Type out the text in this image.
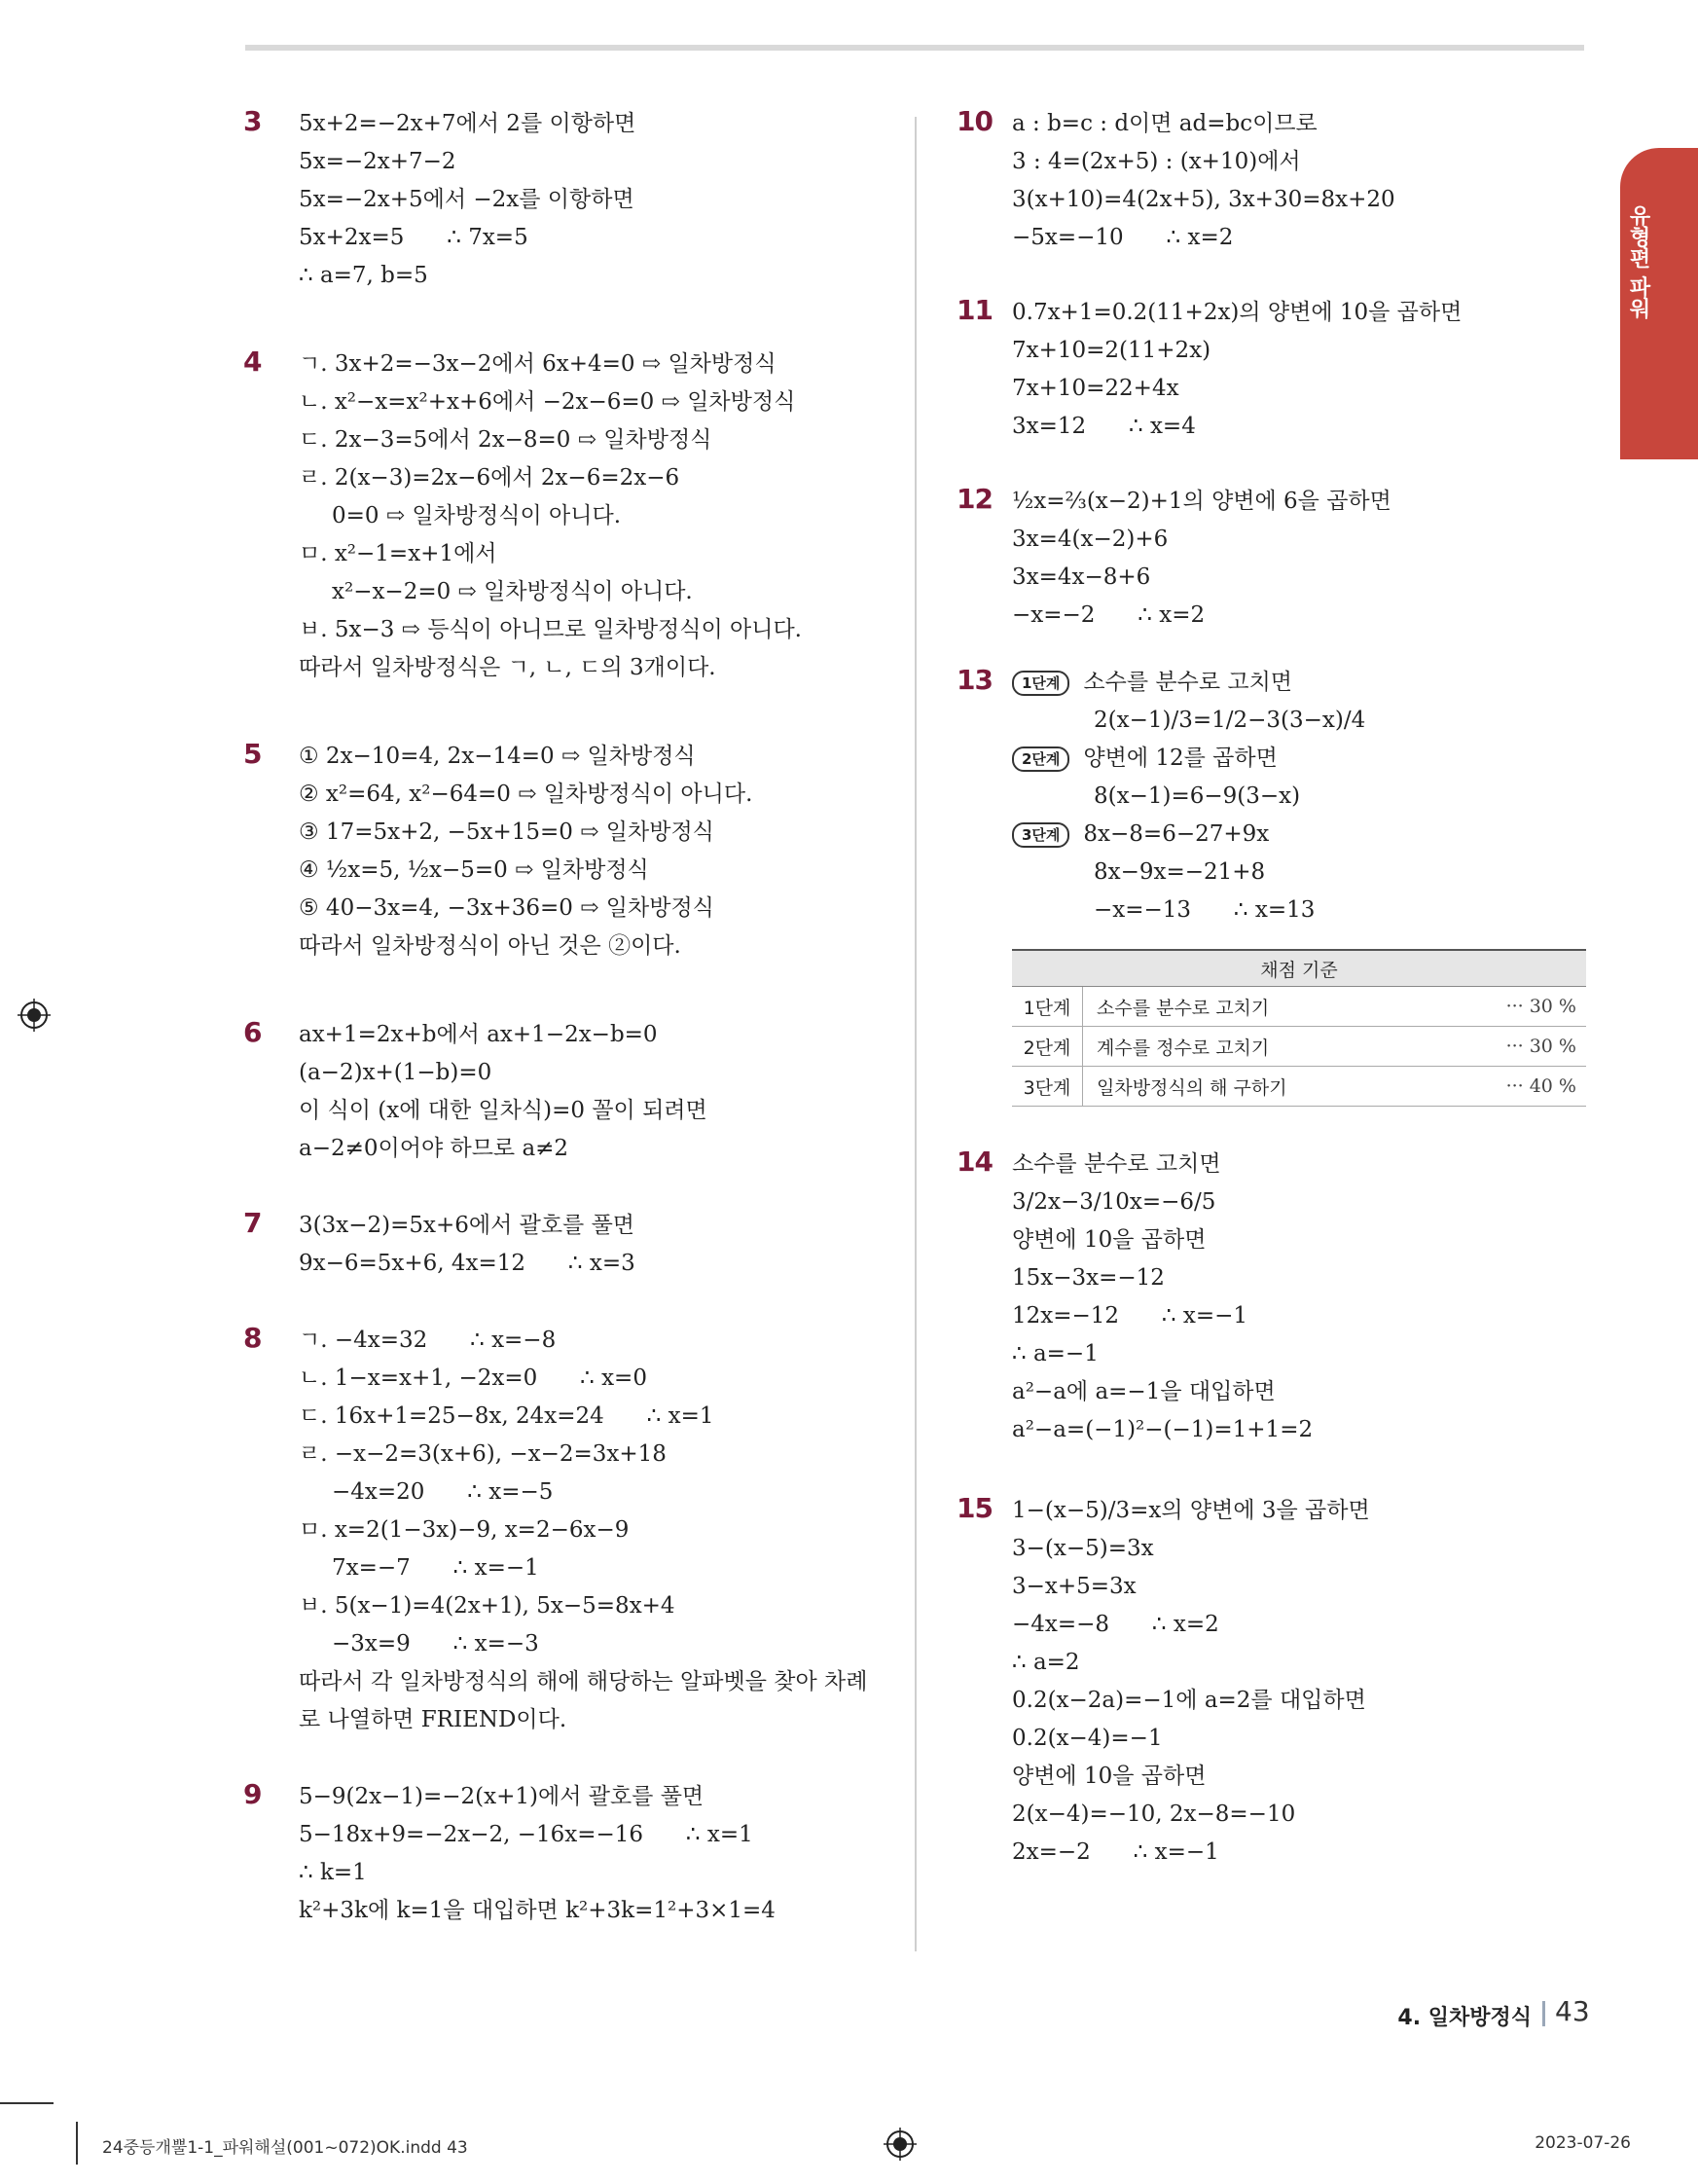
유형편 파워
3 5x+2=−2x+7에서 2를 이항하면
5x=−2x+7−2
5x=−2x+5에서 −2x를 이항하면
5x+2x=5      ∴ 7x=5
∴ a=7, b=5
4 ㄱ. 3x+2=−3x−2에서 6x+4=0 ⇨ 일차방정식
ㄴ. x²−x=x²+x+6에서 −2x−6=0 ⇨ 일차방정식
ㄷ. 2x−3=5에서 2x−8=0 ⇨ 일차방정식
ㄹ. 2(x−3)=2x−6에서 2x−6=2x−6
0=0 ⇨ 일차방정식이 아니다.
ㅁ. x²−1=x+1에서
x²−x−2=0 ⇨ 일차방정식이 아니다.
ㅂ. 5x−3 ⇨ 등식이 아니므로 일차방정식이 아니다.
따라서 일차방정식은 ㄱ, ㄴ, ㄷ의 3개이다.
5 ① 2x−10=4, 2x−14=0 ⇨ 일차방정식
② x²=64, x²−64=0 ⇨ 일차방정식이 아니다.
③ 17=5x+2, −5x+15=0 ⇨ 일차방정식
④ ½x=5, ½x−5=0 ⇨ 일차방정식
⑤ 40−3x=4, −3x+36=0 ⇨ 일차방정식
따라서 일차방정식이 아닌 것은 ②이다.
6 ax+1=2x+b에서 ax+1−2x−b=0
(a−2)x+(1−b)=0
이 식이 (x에 대한 일차식)=0 꼴이 되려면
a−2≠0이어야 하므로 a≠2
7 3(3x−2)=5x+6에서 괄호를 풀면
9x−6=5x+6, 4x=12      ∴ x=3
8 ㄱ. −4x=32      ∴ x=−8
ㄴ. 1−x=x+1, −2x=0      ∴ x=0
ㄷ. 16x+1=25−8x, 24x=24      ∴ x=1
ㄹ. −x−2=3(x+6), −x−2=3x+18
−4x=20      ∴ x=−5
ㅁ. x=2(1−3x)−9, x=2−6x−9
7x=−7      ∴ x=−1
ㅂ. 5(x−1)=4(2x+1), 5x−5=8x+4
−3x=9      ∴ x=−3
따라서 각 일차방정식의 해에 해당하는 알파벳을 찾아 차례
로 나열하면 FRIEND이다.
9 5−9(2x−1)=−2(x+1)에서 괄호를 풀면
5−18x+9=−2x−2, −16x=−16      ∴ x=1
∴ k=1
k²+3k에 k=1을 대입하면 k²+3k=1²+3×1=4
10 a : b=c : d이면 ad=bc이므로
3 : 4=(2x+5) : (x+10)에서
3(x+10)=4(2x+5), 3x+30=8x+20
−5x=−10      ∴ x=2
11 0.7x+1=0.2(11+2x)의 양변에 10을 곱하면
7x+10=2(11+2x)
7x+10=22+4x
3x=12      ∴ x=4
12 ½x=⅔(x−2)+1의 양변에 6을 곱하면
3x=4(x−2)+6
3x=4x−8+6
−x=−2      ∴ x=2
13	1단계	소수를 분수로 고치면
2(x−1)/3=1/2−3(3−x)/4
2단계	양변에 12를 곱하면
8(x−1)=6−9(3−x)
3단계	8x−8=6−27+9x
8x−9x=−21+8
−x=−13      ∴ x=13
채점 기준		
1단계	소수를 분수로 고치기	··· 30 %
2단계	계수를 정수로 고치기	··· 30 %
3단계	일차방정식의 해 구하기	··· 40 %
14 소수를 분수로 고치면
3/2x−3/10x=−6/5
양변에 10을 곱하면
15x−3x=−12
12x=−12      ∴ x=−1
∴ a=−1
a²−a에 a=−1을 대입하면
a²−a=(−1)²−(−1)=1+1=2
15 1−(x−5)/3=x의 양변에 3을 곱하면
3−(x−5)=3x
3−x+5=3x
−4x=−8      ∴ x=2
∴ a=2
0.2(x−2a)=−1에 a=2를 대입하면
0.2(x−4)=−1
양변에 10을 곱하면
2(x−4)=−10, 2x−8=−10
2x=−2      ∴ x=−1
4. 일차방정식 43
24중등개뿔1-1_파워해설(001~072)OK.indd 43	2023-07-26
